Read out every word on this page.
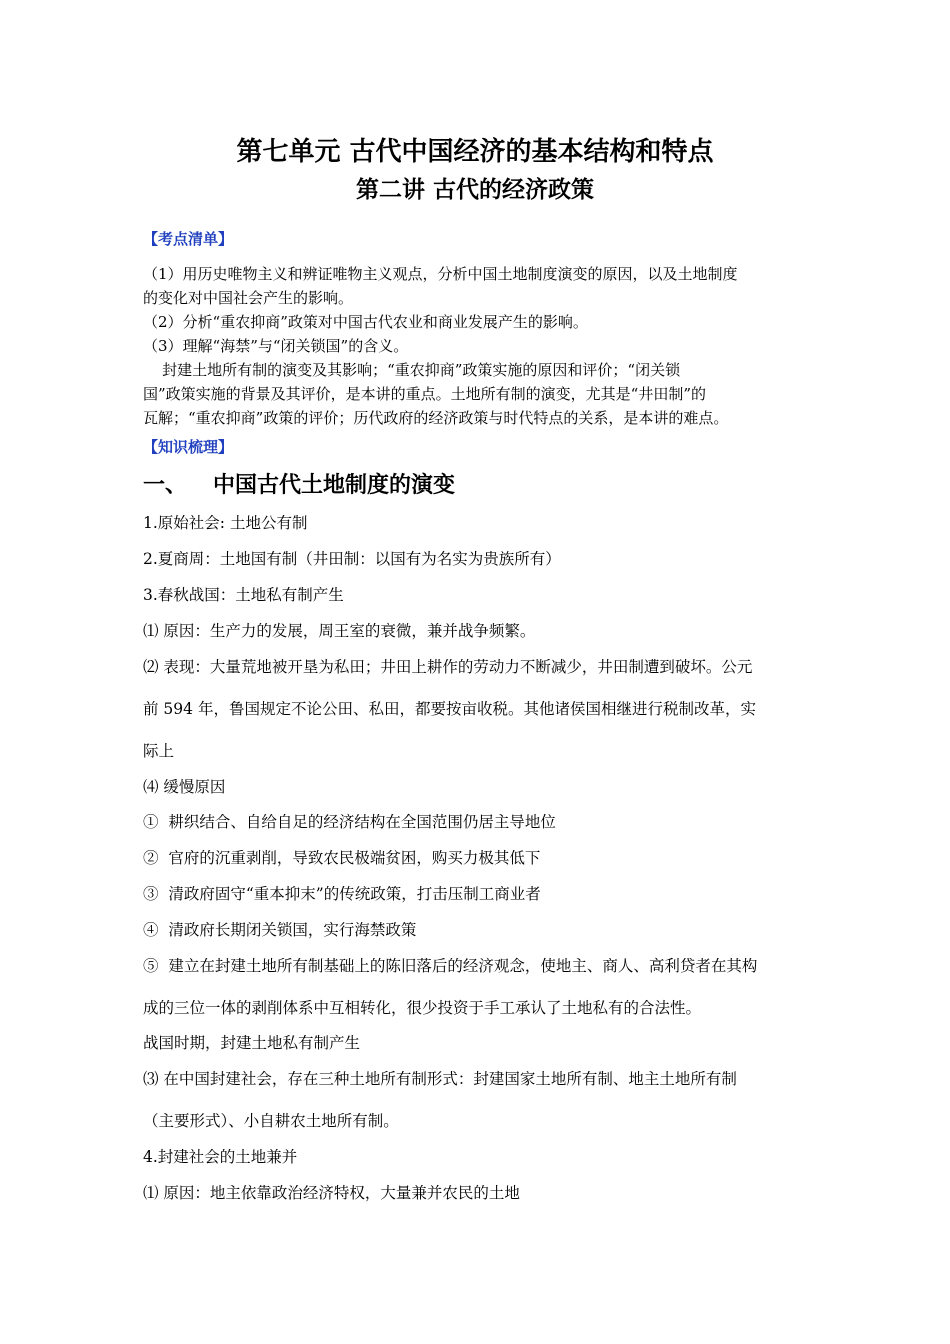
第七单元 古代中国经济的基本结构和特点
第二讲 古代的经济政策
【考点清单】
（1）用历史唯物主义和辨证唯物主义观点，分析中国土地制度演变的原因，以及土地制度
的变化对中国社会产生的影响。
（2）分析“重农抑商”政策对中国古代农业和商业发展产生的影响。
（3）理解“海禁”与“闭关锁国”的含义。
封建土地所有制的演变及其影响；“重农抑商”政策实施的原因和评价；“闭关锁
国”政策实施的背景及其评价，是本讲的重点。土地所有制的演变，尤其是“井田制”的
瓦解；“重农抑商”政策的评价；历代政府的经济政策与时代特点的关系，是本讲的难点。
【知识梳理】
一、 中国古代土地制度的演变
1.原始社会: 土地公有制
2.夏商周：土地国有制（井田制：以国有为名实为贵族所有）
3.春秋战国：土地私有制产生
⑴ 原因：生产力的发展，周王室的衰微，兼并战争频繁。
⑵ 表现：大量荒地被开垦为私田；井田上耕作的劳动力不断减少，井田制遭到破坏。公元
前 594 年，鲁国规定不论公田、私田，都要按亩收税。其他诸侯国相继进行税制改革，实
际上
⑷ 缓慢原因
①  耕织结合、自给自足的经济结构在全国范围仍居主导地位
②  官府的沉重剥削，导致农民极端贫困，购买力极其低下
③  清政府固守“重本抑末”的传统政策，打击压制工商业者
④  清政府长期闭关锁国，实行海禁政策
⑤  建立在封建土地所有制基础上的陈旧落后的经济观念，使地主、商人、高利贷者在其构
成的三位一体的剥削体系中互相转化，很少投资于手工承认了土地私有的合法性。
战国时期，封建土地私有制产生
⑶ 在中国封建社会，存在三种土地所有制形式：封建国家土地所有制、地主土地所有制
（主要形式）、小自耕农土地所有制。
4.封建社会的土地兼并
⑴ 原因：地主依靠政治经济特权，大量兼并农民的土地
